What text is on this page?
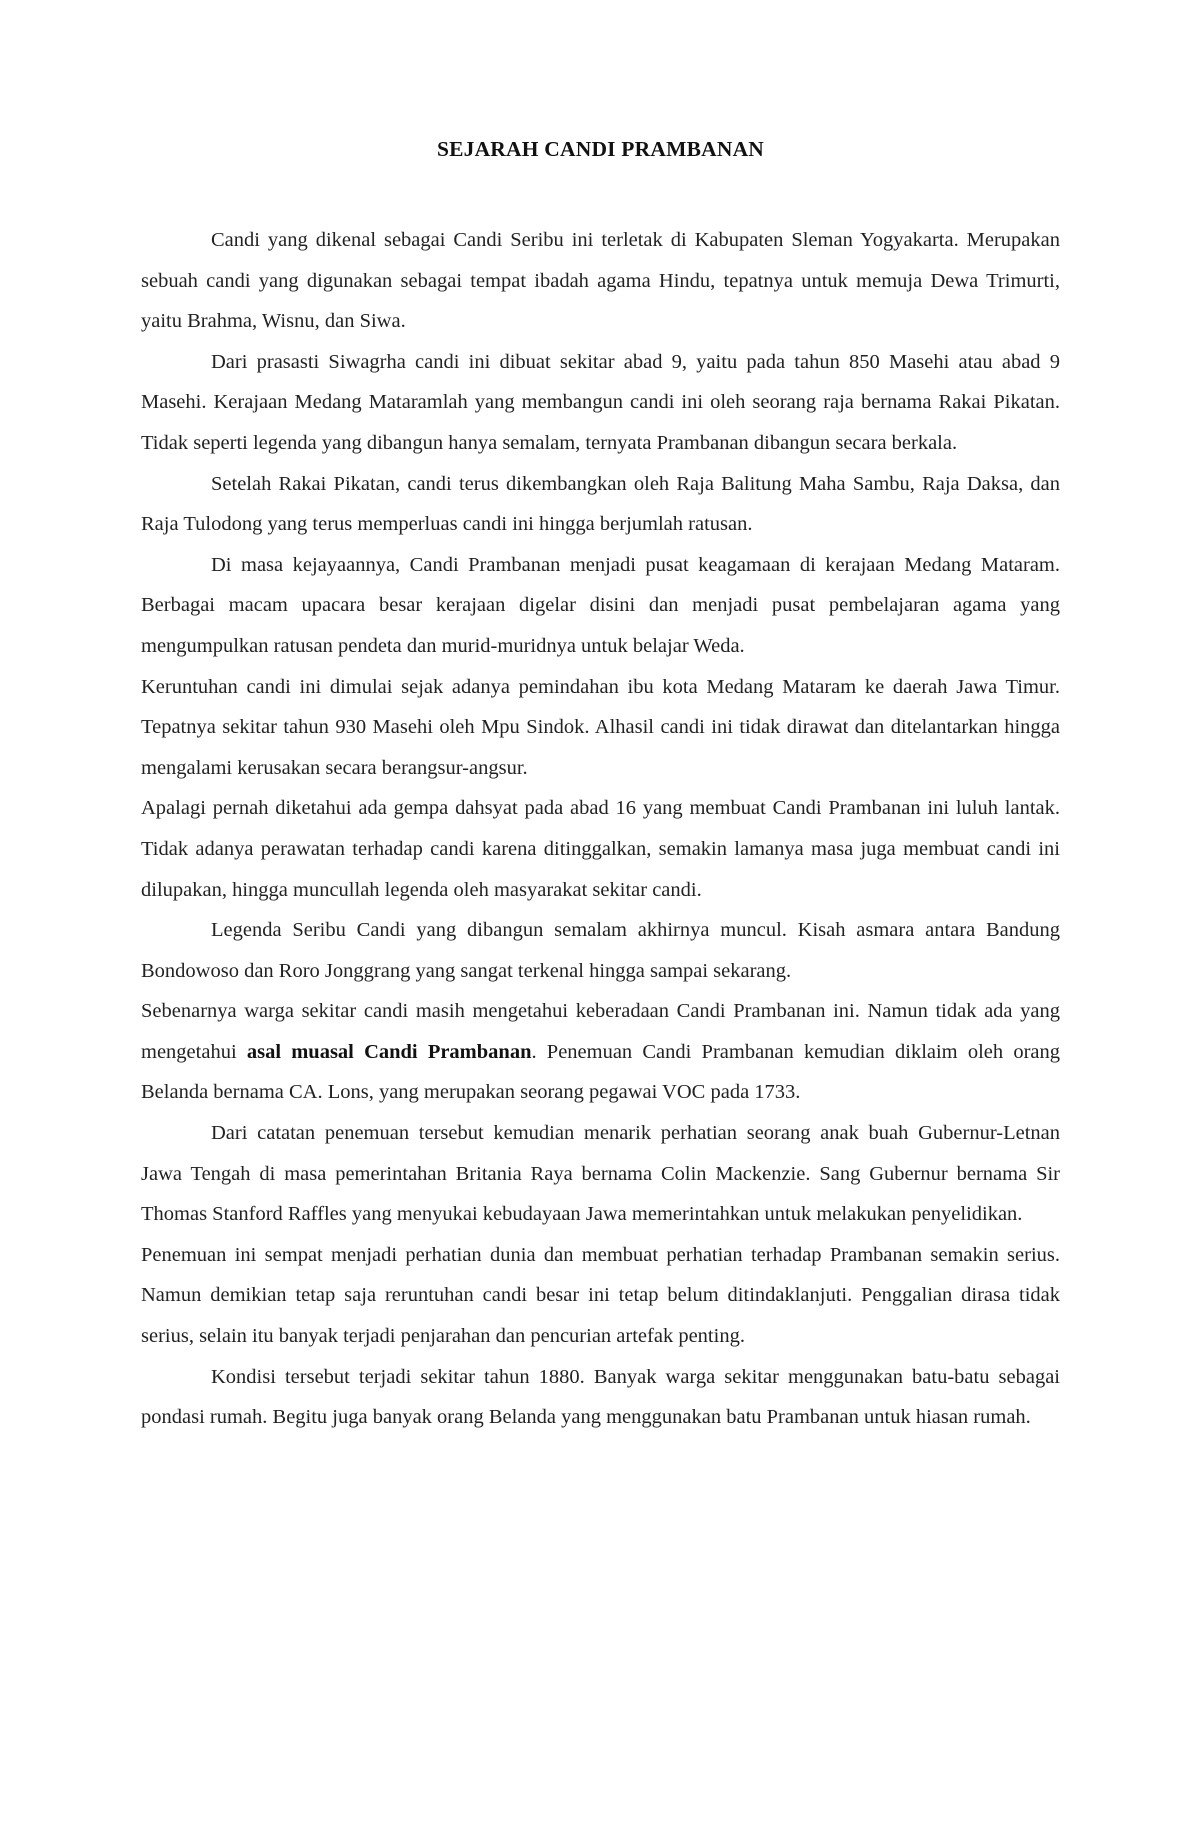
SEJARAH CANDI PRAMBANAN

Candi yang dikenal sebagai Candi Seribu ini terletak di Kabupaten Sleman Yogyakarta. Merupakan sebuah candi yang digunakan sebagai tempat ibadah agama Hindu, tepatnya untuk memuja Dewa Trimurti, yaitu Brahma, Wisnu, dan Siwa.

Dari prasasti Siwagrha candi ini dibuat sekitar abad 9, yaitu pada tahun 850 Masehi atau abad 9 Masehi. Kerajaan Medang Mataramlah yang membangun candi ini oleh seorang raja bernama Rakai Pikatan. Tidak seperti legenda yang dibangun hanya semalam, ternyata Prambanan dibangun secara berkala.

Setelah Rakai Pikatan, candi terus dikembangkan oleh Raja Balitung Maha Sambu, Raja Daksa, dan Raja Tulodong yang terus memperluas candi ini hingga berjumlah ratusan.

Di masa kejayaannya, Candi Prambanan menjadi pusat keagamaan di kerajaan Medang Mataram. Berbagai macam upacara besar kerajaan digelar disini dan menjadi pusat pembelajaran agama yang mengumpulkan ratusan pendeta dan murid-muridnya untuk belajar Weda.

Keruntuhan candi ini dimulai sejak adanya pemindahan ibu kota Medang Mataram ke daerah Jawa Timur. Tepatnya sekitar tahun 930 Masehi oleh Mpu Sindok. Alhasil candi ini tidak dirawat dan ditelantarkan hingga mengalami kerusakan secara berangsur-angsur.

Apalagi pernah diketahui ada gempa dahsyat pada abad 16 yang membuat Candi Prambanan ini luluh lantak. Tidak adanya perawatan terhadap candi karena ditinggalkan, semakin lamanya masa juga membuat candi ini dilupakan, hingga muncullah legenda oleh masyarakat sekitar candi.

Legenda Seribu Candi yang dibangun semalam akhirnya muncul. Kisah asmara antara Bandung Bondowoso dan Roro Jonggrang yang sangat terkenal hingga sampai sekarang.

Sebenarnya warga sekitar candi masih mengetahui keberadaan Candi Prambanan ini. Namun tidak ada yang mengetahui asal muasal Candi Prambanan. Penemuan Candi Prambanan kemudian diklaim oleh orang Belanda bernama CA. Lons, yang merupakan seorang pegawai VOC pada 1733.

Dari catatan penemuan tersebut kemudian menarik perhatian seorang anak buah Gubernur-Letnan Jawa Tengah di masa pemerintahan Britania Raya bernama Colin Mackenzie. Sang Gubernur bernama Sir Thomas Stanford Raffles yang menyukai kebudayaan Jawa memerintahkan untuk melakukan penyelidikan.

Penemuan ini sempat menjadi perhatian dunia dan membuat perhatian terhadap Prambanan semakin serius. Namun demikian tetap saja reruntuhan candi besar ini tetap belum ditindaklanjuti. Penggalian dirasa tidak serius, selain itu banyak terjadi penjarahan dan pencurian artefak penting.

Kondisi tersebut terjadi sekitar tahun 1880. Banyak warga sekitar menggunakan batu-batu sebagai pondasi rumah. Begitu juga banyak orang Belanda yang menggunakan batu Prambanan untuk hiasan rumah.
